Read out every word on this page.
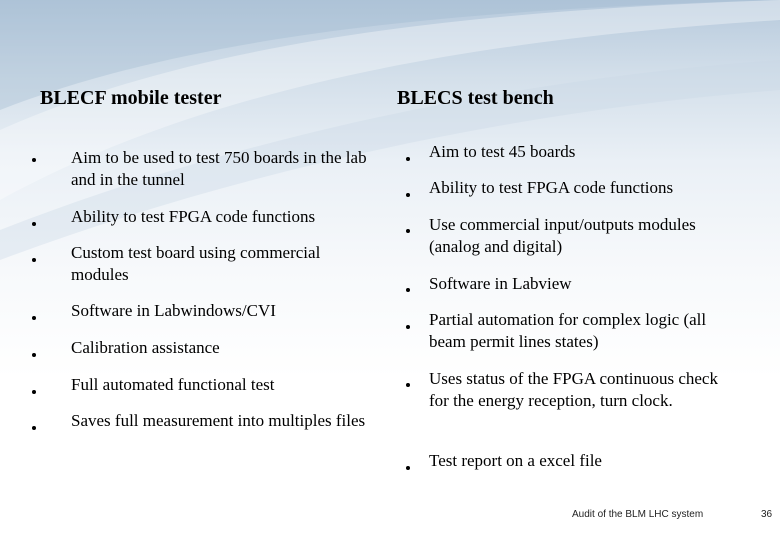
BLECF mobile tester
Aim to be used to test 750 boards in the lab and in the tunnel
Ability to test FPGA code functions
Custom test board using commercial modules
Software in Labwindows/CVI
Calibration assistance
Full automated functional test
Saves full measurement into multiples files
BLECS test bench
Aim to test 45 boards
Ability to test FPGA code functions
Use commercial input/outputs modules (analog and digital)
Software in Labview
Partial automation for complex logic (all beam permit lines states)
Uses status of the FPGA continuous check for the energy reception, turn clock.
Test report on a excel file
Audit of the BLM LHC system	36
